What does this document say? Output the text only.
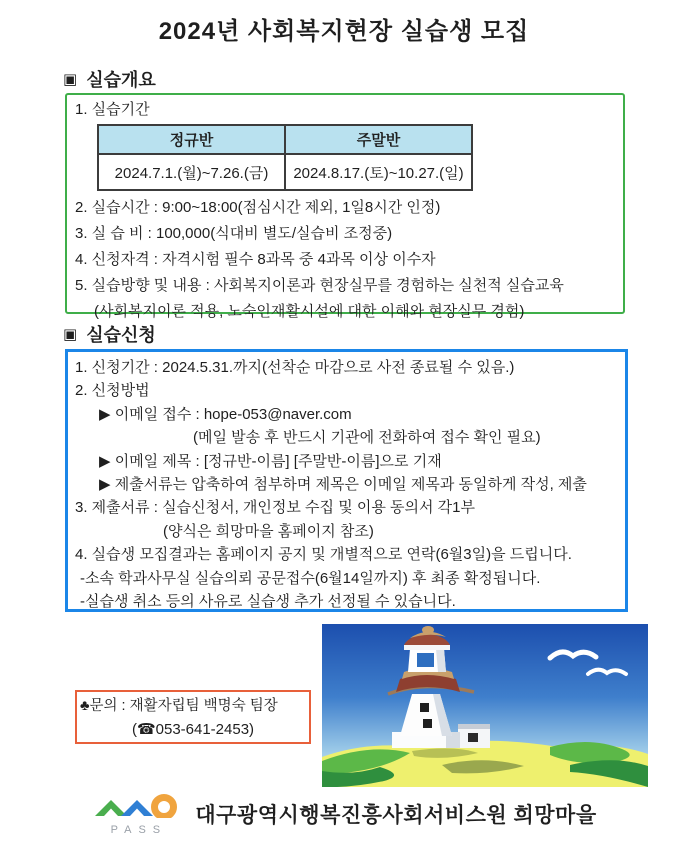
2024년 사회복지현장 실습생 모집
▣ 실습개요
1. 실습기간
정규반	주말반
2024.7.1.(월)~7.26.(금)	2024.8.17.(토)~10.27.(일)
2. 실습시간 : 9:00~18:00(점심시간 제외, 1일8시간 인정)
3. 실 습 비 : 100,000(식대비 별도/실습비 조정중)
4. 신청자격 : 자격시험 필수 8과목 중 4과목 이상 이수자
5. 실습방향 및 내용 : 사회복지이론과 현장실무를 경험하는 실천적 실습교육
(사회복지이론 적용, 노숙인재활시설에 대한 이해와 현장실무 경험)
▣ 실습신청
1. 신청기간 : 2024.5.31.까지(선착순 마감으로 사전 종료될 수 있음.)
2. 신청방법
▶ 이메일 접수 : hope-053@naver.com
(메일 발송 후 반드시 기관에 전화하여 접수 확인 필요)
▶ 이메일 제목 : [정규반-이름] [주말반-이름]으로 기재
▶ 제출서류는 압축하여 첨부하며 제목은 이메일 제목과 동일하게 작성, 제출
3. 제출서류 : 실습신청서, 개인정보 수집 및 이용 동의서 각1부
(양식은 희망마을 홈페이지 참조)
4. 실습생 모집결과는 홈페이지 공지 및 개별적으로 연락(6월3일)을 드립니다.
-소속 학과사무실 실습의뢰 공문접수(6월14일까지) 후 최종 확정됩니다.
-실습생 취소 등의 사유로 실습생 추가 선정될 수 있습니다.
♣문의 : 재활자립팀 백명숙 팀장
(☎053-641-2453)
PASS
대구광역시행복진흥사회서비스원 희망마을
